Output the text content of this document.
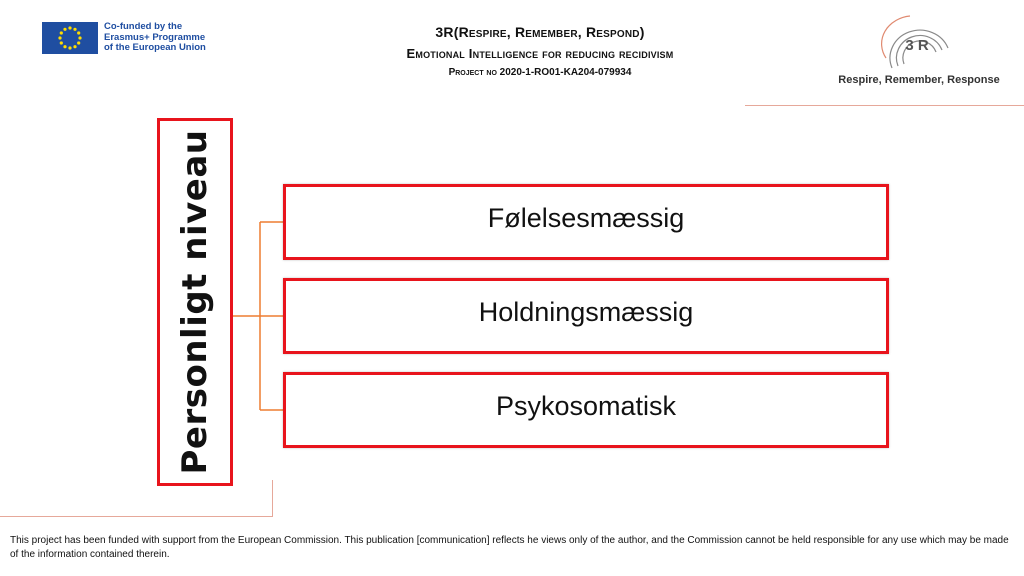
Co-funded by the
Erasmus+ Programme
of the European Union
3R(Respire, Remember, Respond)
Emotional Intelligence for reducing recidivism
Project no 2020-1-RO01-KA204-079934
3 R
Respire, Remember, Response
Personligt niveau	Følelsesmæssig
Holdningsmæssig
Psykosomatisk
This project has been funded with support from the European Commission. This publication [communication] reflects he views only of the author, and the Commission cannot be held responsible for any use which may be made of the information contained therein.
